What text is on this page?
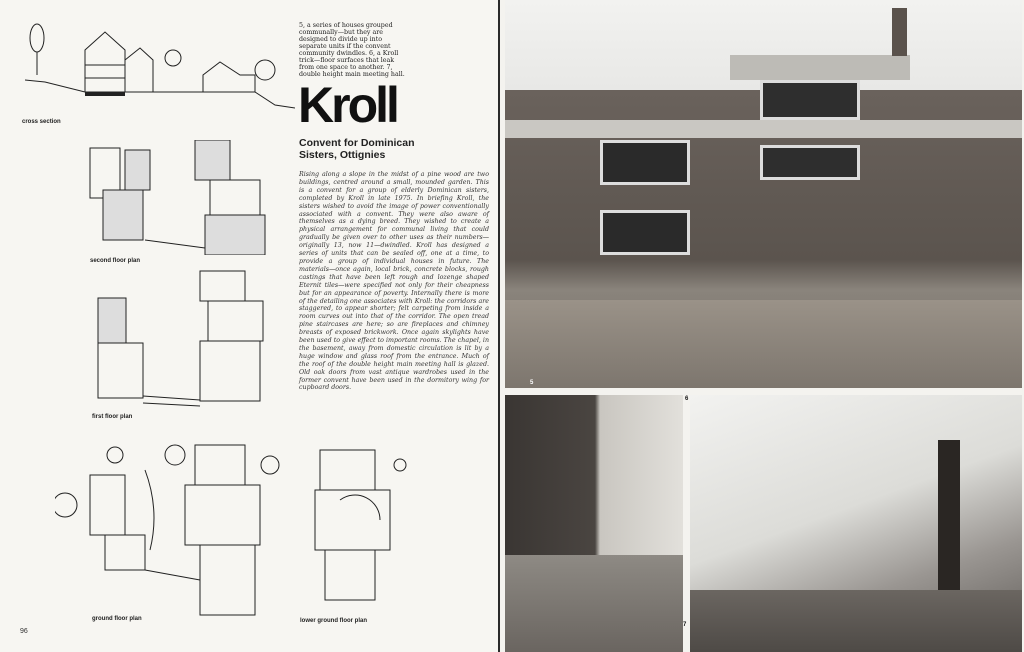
cross section
second floor plan
first floor plan
ground floor plan	lower ground floor plan
5, a series of houses grouped communally—but they are designed to divide up into separate units if the convent community dwindles. 6, a Kroll trick—floor surfaces that leak from one space to another. 7, double height main meeting hall.
Kroll
Convent for Dominican Sisters, Ottignies
Rising along a slope in the midst of a pine wood are two buildings, centred around a small, mounded garden. This is a convent for a group of elderly Dominican sisters, completed by Kroll in late 1975. In briefing Kroll, the sisters wished to avoid the image of power conventionally associated with a convent. They were also aware of themselves as a dying breed. They wished to create a physical arrangement for communal living that could gradually be given over to other uses as their numbers—originally 13, now 11—dwindled. Kroll has designed a series of units that can be sealed off, one at a time, to provide a group of individual houses in future. The materials—once again, local brick, concrete blocks, rough castings that have been left rough and lozenge shaped Eternit tiles—were specified not only for their cheapness but for an appearance of poverty. Internally there is more of the detailing one associates with Kroll: the corridors are staggered, to appear shorter; felt carpeting from inside a room curves out into that of the corridor. The open tread pine staircases are here; so are fireplaces and chimney breasts of exposed brickwork. Once again skylights have been used to give effect to important rooms. The chapel, in the basement, away from domestic circulation is lit by a huge window and glass roof from the entrance. Much of the roof of the double height main meeting hall is glazed. Old oak doors from vast antique wardrobes used in the former convent have been used in the dormitory wing for cupboard doors.
96
5
6
7
